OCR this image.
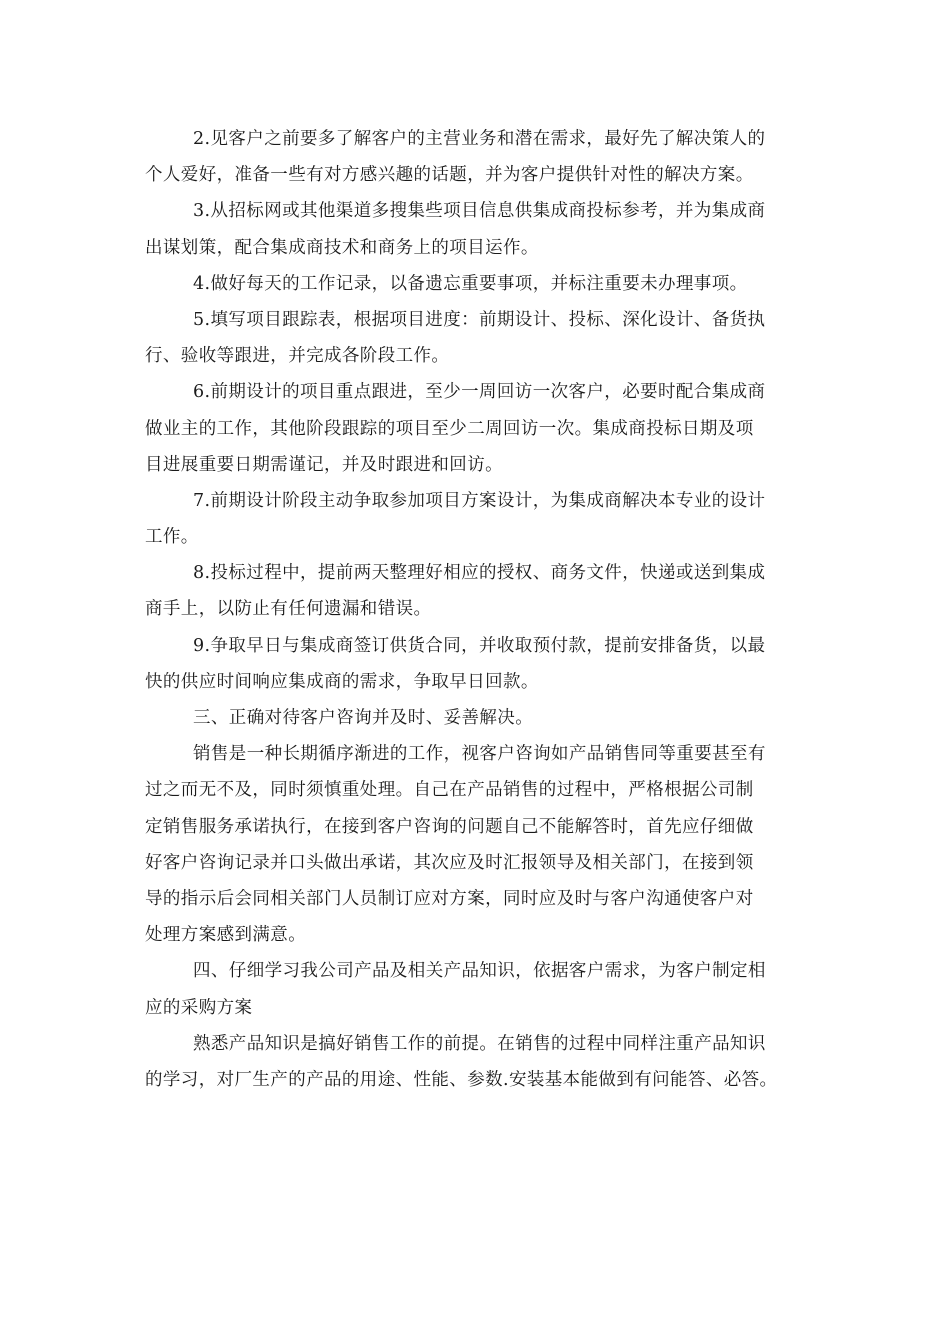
2.见客户之前要多了解客户的主营业务和潜在需求，最好先了解决策人的
个人爱好，准备一些有对方感兴趣的话题，并为客户提供针对性的解决方案。
3.从招标网或其他渠道多搜集些项目信息供集成商投标参考，并为集成商
出谋划策，配合集成商技术和商务上的项目运作。
4.做好每天的工作记录，以备遗忘重要事项，并标注重要未办理事项。
5.填写项目跟踪表，根据项目进度：前期设计、投标、深化设计、备货执
行、验收等跟进，并完成各阶段工作。
6.前期设计的项目重点跟进，至少一周回访一次客户，必要时配合集成商
做业主的工作，其他阶段跟踪的项目至少二周回访一次。集成商投标日期及项
目进展重要日期需谨记，并及时跟进和回访。
7.前期设计阶段主动争取参加项目方案设计，为集成商解决本专业的设计
工作。
8.投标过程中，提前两天整理好相应的授权、商务文件，快递或送到集成
商手上，以防止有任何遗漏和错误。
9.争取早日与集成商签订供货合同，并收取预付款，提前安排备货，以最
快的供应时间响应集成商的需求，争取早日回款。
三、正确对待客户咨询并及时、妥善解决。
销售是一种长期循序渐进的工作，视客户咨询如产品销售同等重要甚至有
过之而无不及，同时须慎重处理。自己在产品销售的过程中，严格根据公司制
定销售服务承诺执行，在接到客户咨询的问题自己不能解答时，首先应仔细做
好客户咨询记录并口头做出承诺，其次应及时汇报领导及相关部门，在接到领
导的指示后会同相关部门人员制订应对方案，同时应及时与客户沟通使客户对
处理方案感到满意。
四、仔细学习我公司产品及相关产品知识，依据客户需求，为客户制定相
应的采购方案
熟悉产品知识是搞好销售工作的前提。在销售的过程中同样注重产品知识
的学习，对厂生产的产品的用途、性能、参数.安装基本能做到有问能答、必答。
